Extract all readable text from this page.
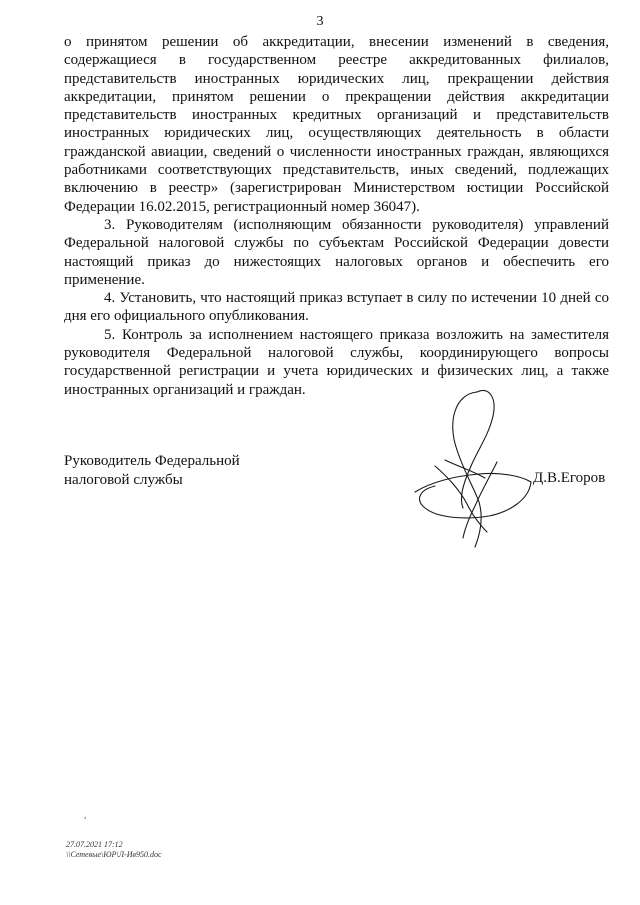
3

о принятом решении об аккредитации, внесении изменений в сведения, содержащиеся в государственном реестре аккредитованных филиалов, представительств иностранных юридических лиц, прекращении действия аккредитации, принятом решении о прекращении действия аккредитации представительств иностранных кредитных организаций и представительств иностранных юридических лиц, осуществляющих деятельность в области гражданской авиации, сведений о численности иностранных граждан, являющихся работниками соответствующих представительств, иных сведений, подлежащих включению в реестр» (зарегистрирован Министерством юстиции Российской Федерации 16.02.2015, регистрационный номер 36047).

3. Руководителям (исполняющим обязанности руководителя) управлений Федеральной налоговой службы по субъектам Российской Федерации довести настоящий приказ до нижестоящих налоговых органов и обеспечить его применение.

4. Установить, что настоящий приказ вступает в силу по истечении 10 дней со дня его официального опубликования.

5. Контроль за исполнением настоящего приказа возложить на заместителя руководителя Федеральной налоговой службы, координирующего вопросы государственной регистрации и учета юридических и физических лиц, а также иностранных организаций и граждан.

Руководитель Федеральной
налоговой службы	Д.В.Егоров
,
27.07.2021 17:12
\\Сетевые\ЮР\Л-Ив950.doc
